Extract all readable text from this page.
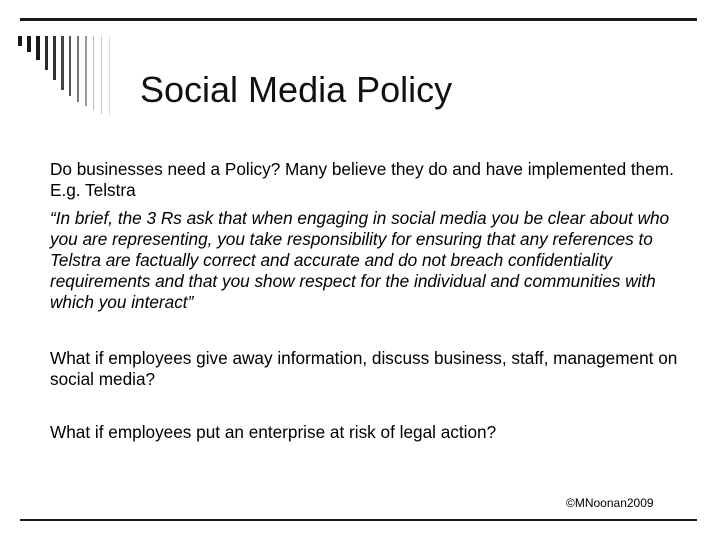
Social Media Policy

Do businesses need a Policy? Many believe they do and have implemented them. E.g. Telstra

“In brief, the 3 Rs ask that when engaging in social media you be clear about who you are representing, you take responsibility for ensuring that any references to Telstra are factually correct and accurate and do not breach confidentiality requirements and that you show respect for the individual and communities with which you interact”

What if employees give away information, discuss business, staff, management on social media?

What if employees put an enterprise at risk of legal action?

©MNoonan2009
